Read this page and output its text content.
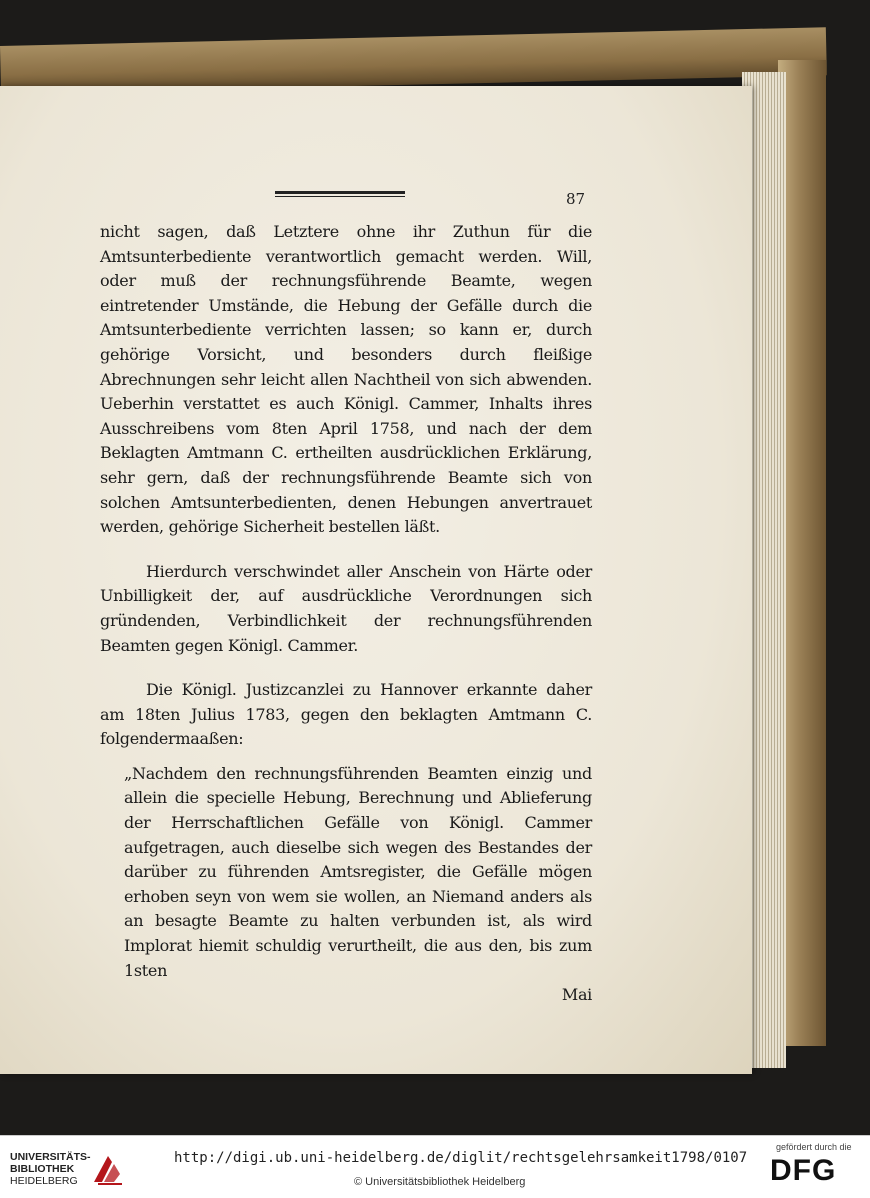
87

nicht sagen, daß Letztere ohne ihr Zuthun für die Amtsunterbediente verantwortlich gemacht werden. Will, oder muß der rechnungsführende Beamte, wegen eintretender Umstände, die Hebung der Gefälle durch die Amtsunterbediente verrichten lassen; so kann er, durch gehörige Vorsicht, und besonders durch fleißige Abrechnungen sehr leicht allen Nachtheil von sich abwenden. Ueberhin verstattet es auch Königl. Cammer, Inhalts ihres Ausschreibens vom 8ten April 1758, und nach der dem Beklagten Amtmann C. ertheilten ausdrücklichen Erklärung, sehr gern, daß der rechnungsführende Beamte sich von solchen Amtsunterbedienten, denen Hebungen anvertrauet werden, gehörige Sicherheit bestellen läßt.

Hierdurch verschwindet aller Anschein von Härte oder Unbilligkeit der, auf ausdrückliche Verordnungen sich gründenden, Verbindlichkeit der rechnungsführenden Beamten gegen Königl. Cammer.

Die Königl. Justizcanzlei zu Hannover erkannte daher am 18ten Julius 1783, gegen den beklagten Amtmann C. folgendermaaßen:

„Nachdem den rechnungsführenden Beamten einzig und allein die specielle Hebung, Berechnung und Ablieferung der Herrschaftlichen Gefälle von Königl. Cammer aufgetragen, auch dieselbe sich wegen des Bestandes der darüber zu führenden Amtsregister, die Gefälle mögen erhoben seyn von wem sie wollen, an Niemand anders als an besagte Beamte zu halten verbunden ist, als wird Implorat hiemit schuldig verurtheilt, die aus den, bis zum 1sten

Mai

UNIVERSITÄTS-
BIBLIOTHEK
HEIDELBERG
http://digi.ub.uni-heidelberg.de/diglit/rechtsgelehrsamkeit1798/0107
© Universitätsbibliothek Heidelberg
gefördert durch die
DFG
